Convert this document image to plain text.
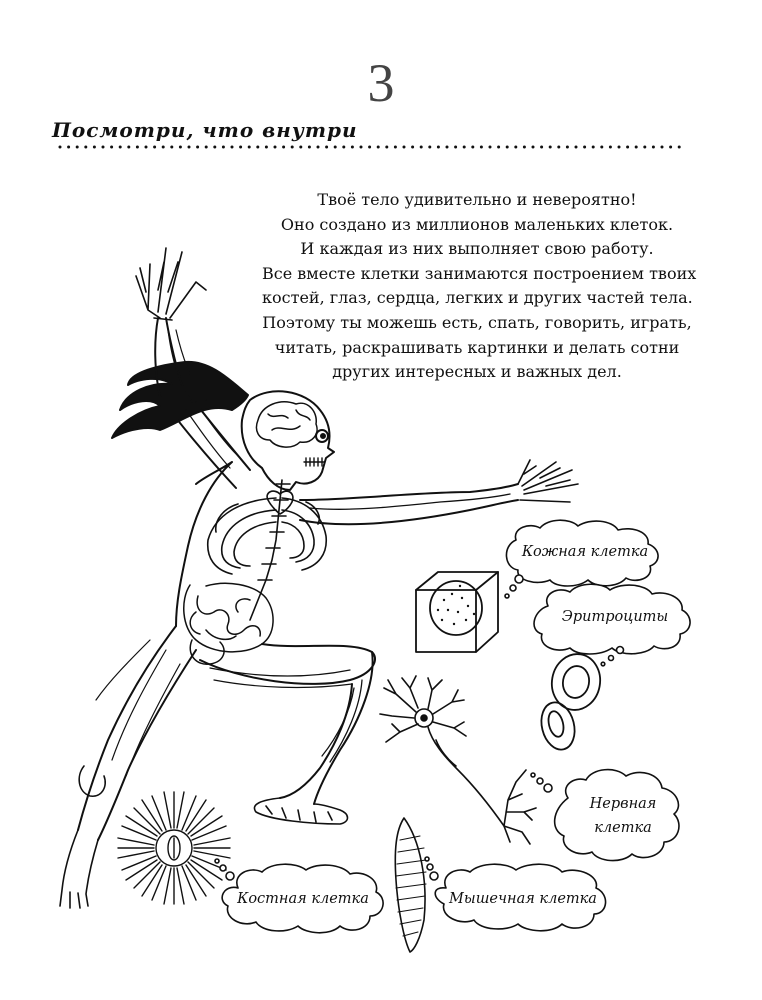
3
Посмотри, что внутри
Твоё тело удивительно и невероятно!
Оно создано из миллионов маленьких клеток.
И каждая из них выполняет свою работу.
Все вместе клетки занимаются построением твоих
костей, глаз, сердца, легких и других частей тела.
Поэтому ты можешь есть, спать, говорить, играть,
читать, раскрашивать картинки и делать сотни
других интересных и важных дел.
Кожная клетка
Эритроциты
Нервная
клетка
Костная клетка	Мышечная клетка
